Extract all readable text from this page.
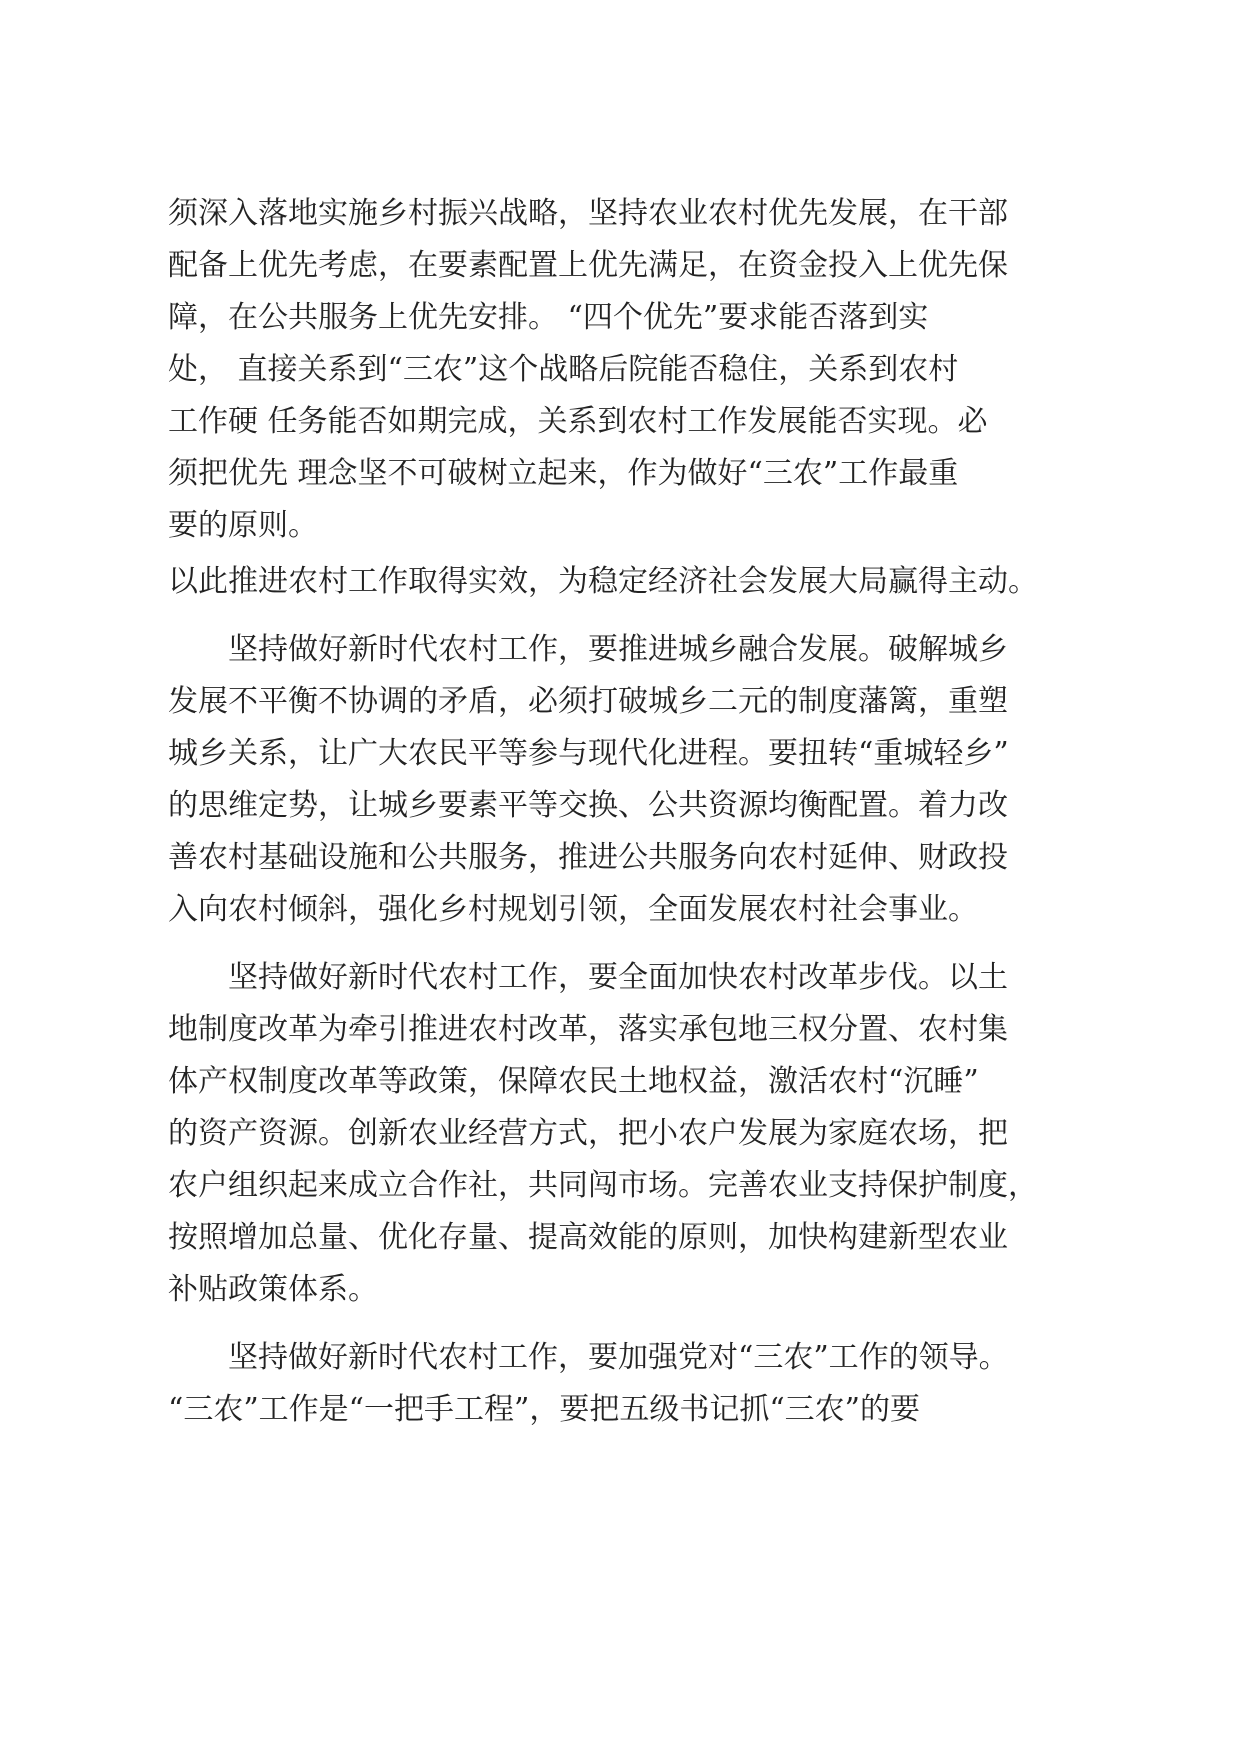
须深入落地实施乡村振兴战略，坚持农业农村优先发展，在干部
配备上优先考虑，在要素配置上优先满足，在资金投入上优先保
障，在公共服务上优先安排。 “四个优先”要求能否落到实
处， 直接关系到“三农”这个战略后院能否稳住，关系到农村
工作硬 任务能否如期完成，关系到农村工作发展能否实现。必
须把优先 理念坚不可破树立起来，作为做好“三农”工作最重
要的原则。
以此推进农村工作取得实效，为稳定经济社会发展大局赢得主动。
　　坚持做好新时代农村工作，要推进城乡融合发展。破解城乡
发展不平衡不协调的矛盾，必须打破城乡二元的制度藩篱，重塑
城乡关系，让广大农民平等参与现代化进程。要扭转“重城轻乡”
的思维定势，让城乡要素平等交换、公共资源均衡配置。着力改
善农村基础设施和公共服务，推进公共服务向农村延伸、财政投
入向农村倾斜，强化乡村规划引领，全面发展农村社会事业。
　　坚持做好新时代农村工作，要全面加快农村改革步伐。以土
地制度改革为牵引推进农村改革，落实承包地三权分置、农村集
体产权制度改革等政策，保障农民土地权益，激活农村“沉睡”
的资产资源。创新农业经营方式，把小农户发展为家庭农场，把
农户组织起来成立合作社，共同闯市场。完善农业支持保护制度，
按照增加总量、优化存量、提高效能的原则，加快构建新型农业
补贴政策体系。
　　坚持做好新时代农村工作，要加强党对“三农”工作的领导。
“三农”工作是“一把手工程”，要把五级书记抓“三农”的要
